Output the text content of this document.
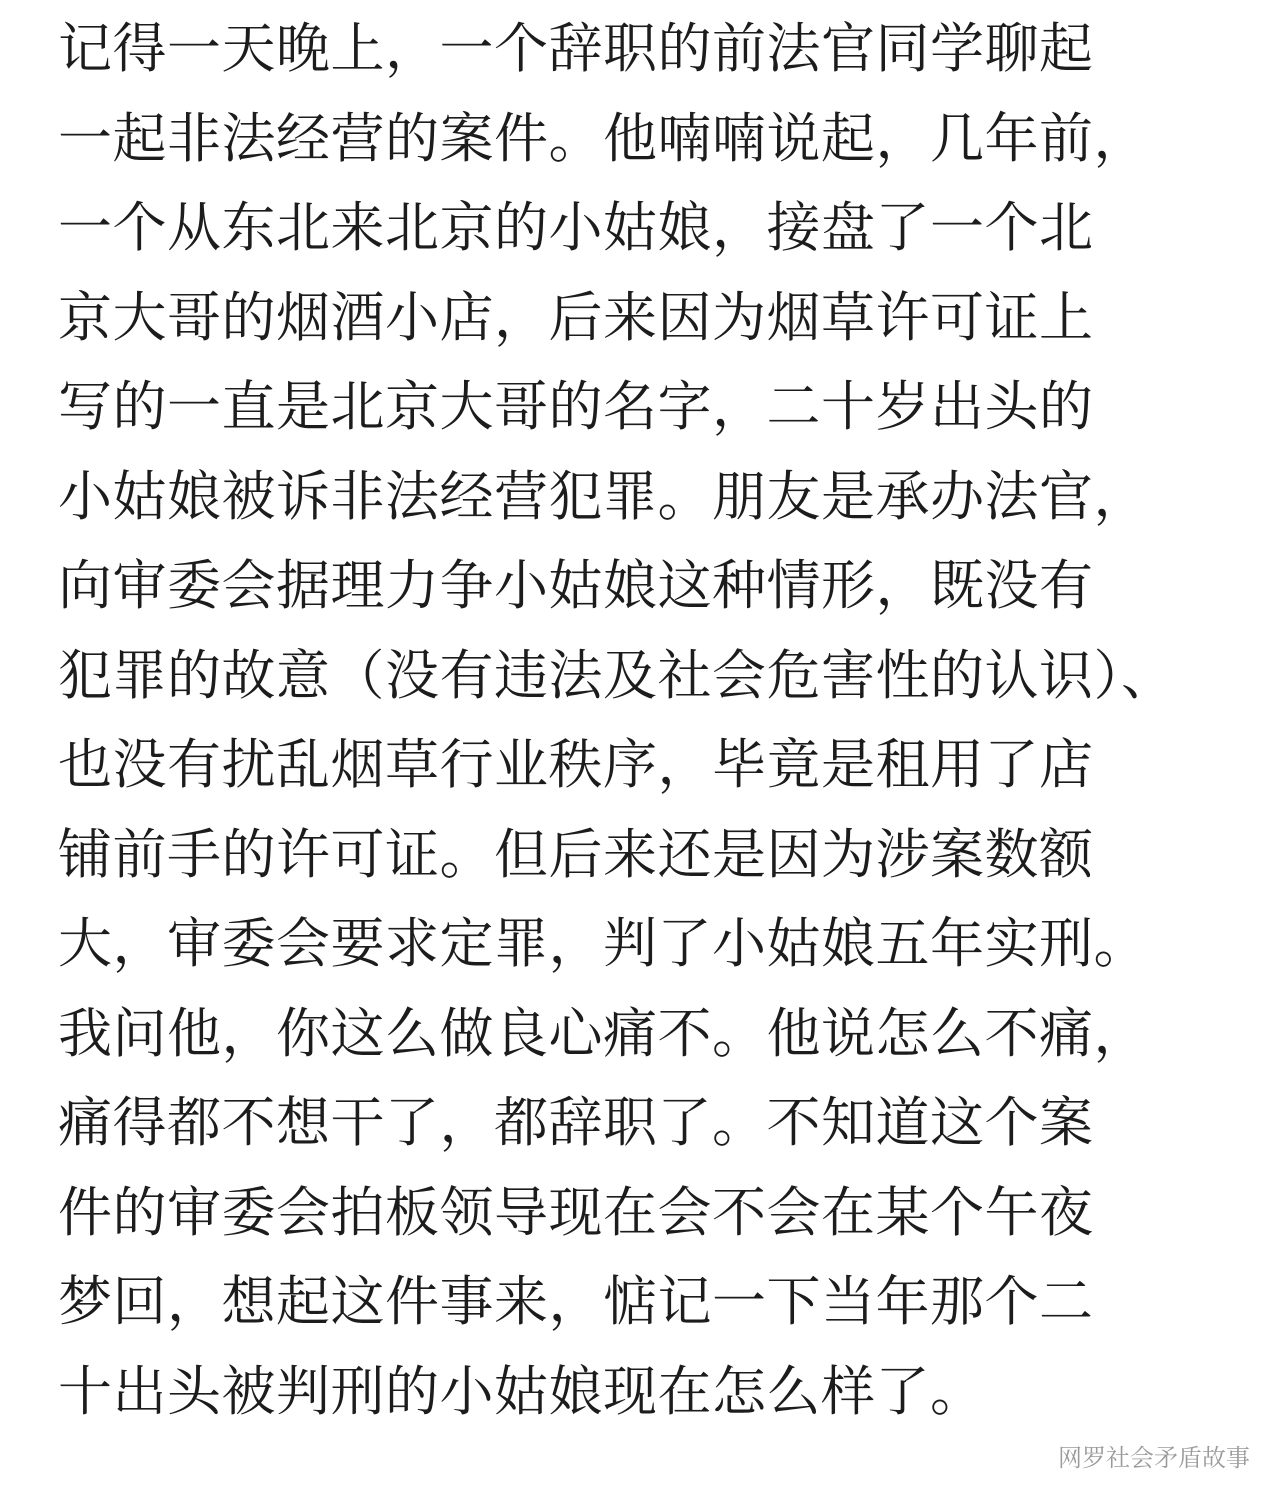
记得一天晚上，一个辞职的前法官同学聊起
一起非法经营的案件。他喃喃说起，几年前，
一个从东北来北京的小姑娘，接盘了一个北
京大哥的烟酒小店，后来因为烟草许可证上
写的一直是北京大哥的名字，二十岁出头的
小姑娘被诉非法经营犯罪。朋友是承办法官，
向审委会据理力争小姑娘这种情形，既没有
犯罪的故意（没有违法及社会危害性的认识）、
也没有扰乱烟草行业秩序，毕竟是租用了店
铺前手的许可证。但后来还是因为涉案数额
大，审委会要求定罪，判了小姑娘五年实刑。
我问他，你这么做良心痛不。他说怎么不痛，
痛得都不想干了，都辞职了。不知道这个案
件的审委会拍板领导现在会不会在某个午夜
梦回，想起这件事来，惦记一下当年那个二
十出头被判刑的小姑娘现在怎么样了。
网罗社会矛盾故事
